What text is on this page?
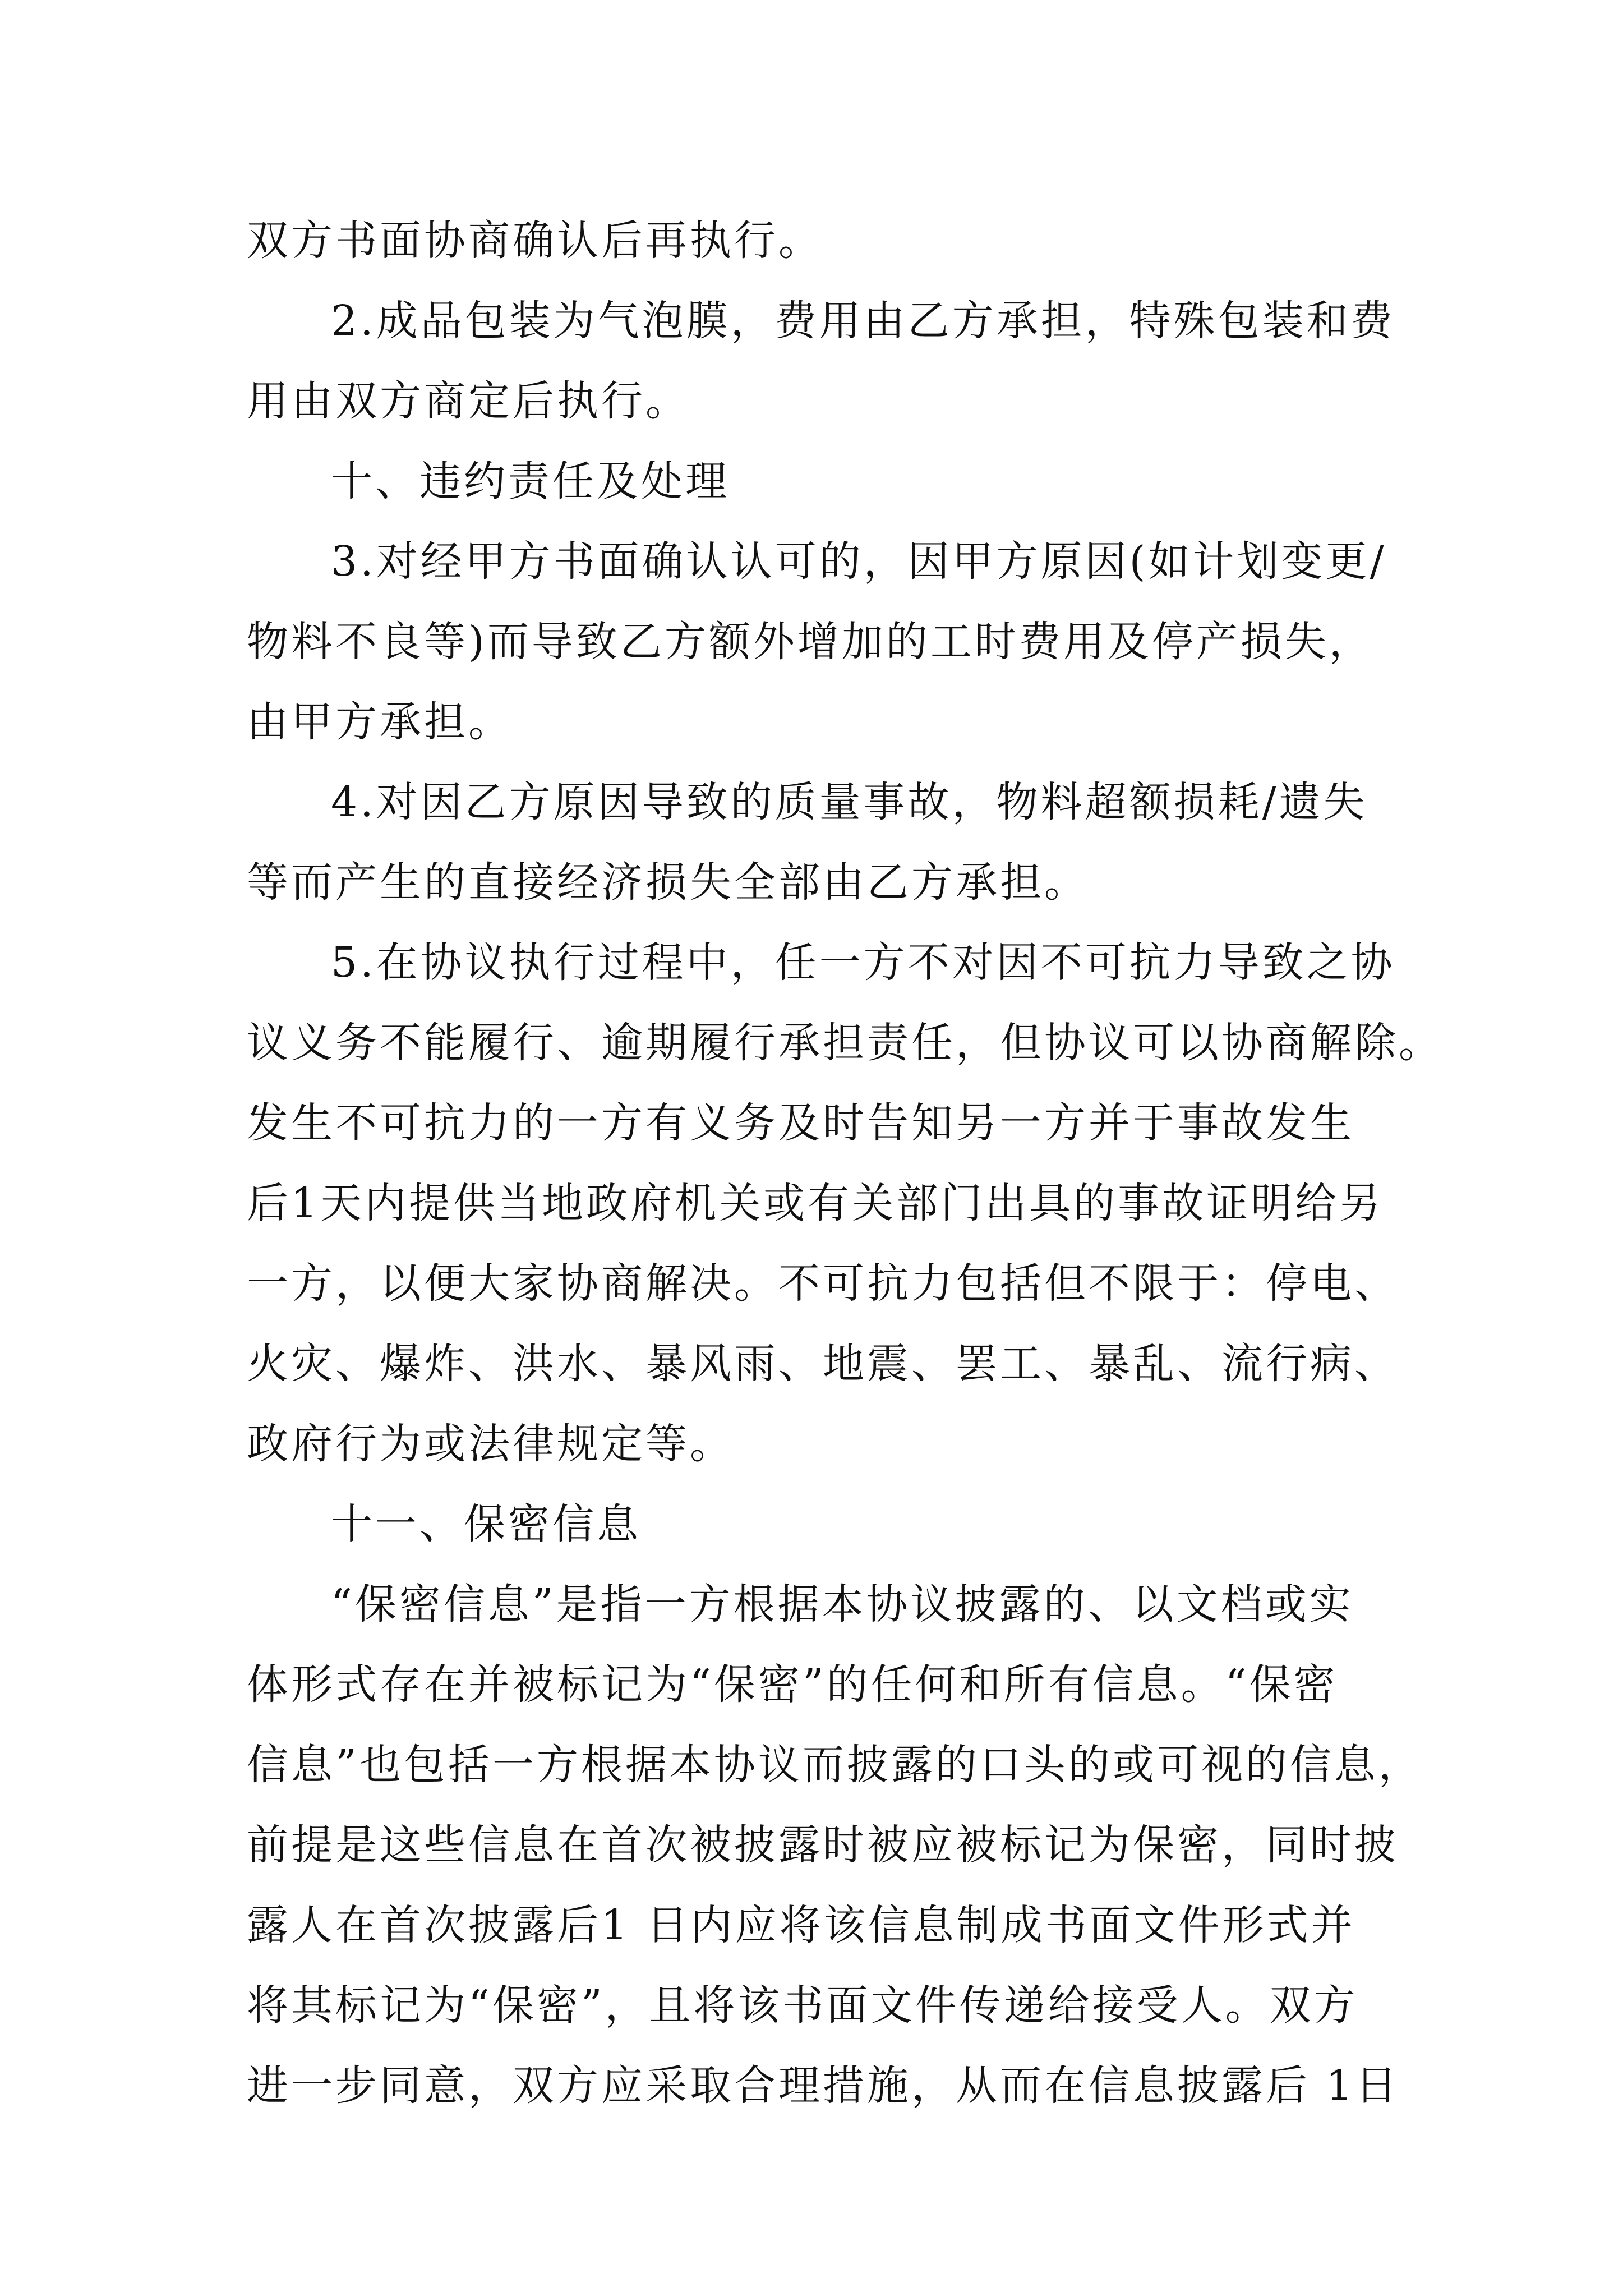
双方书面协商确认后再执行。

2.成品包装为气泡膜，费用由乙方承担，特殊包装和费

用由双方商定后执行。

十、违约责任及处理

3.对经甲方书面确认认可的，因甲方原因(如计划变更/

物料不良等)而导致乙方额外增加的工时费用及停产损失，

由甲方承担。

4.对因乙方原因导致的质量事故，物料超额损耗/遗失

等而产生的直接经济损失全部由乙方承担。

5.在协议执行过程中，任一方不对因不可抗力导致之协

议义务不能履行、逾期履行承担责任，但协议可以协商解除。

发生不可抗力的一方有义务及时告知另一方并于事故发生

后1天内提供当地政府机关或有关部门出具的事故证明给另

一方，以便大家协商解决。不可抗力包括但不限于：停电、

火灾、爆炸、洪水、暴风雨、地震、罢工、暴乱、流行病、

政府行为或法律规定等。

十一、保密信息

“保密信息”是指一方根据本协议披露的、以文档或实

体形式存在并被标记为“保密”的任何和所有信息。“保密

信息”也包括一方根据本协议而披露的口头的或可视的信息，

前提是这些信息在首次被披露时被应被标记为保密，同时披

露人在首次披露后1 日内应将该信息制成书面文件形式并

将其标记为“保密”，且将该书面文件传递给接受人。双方

进一步同意，双方应采取合理措施，从而在信息披露后 1日
